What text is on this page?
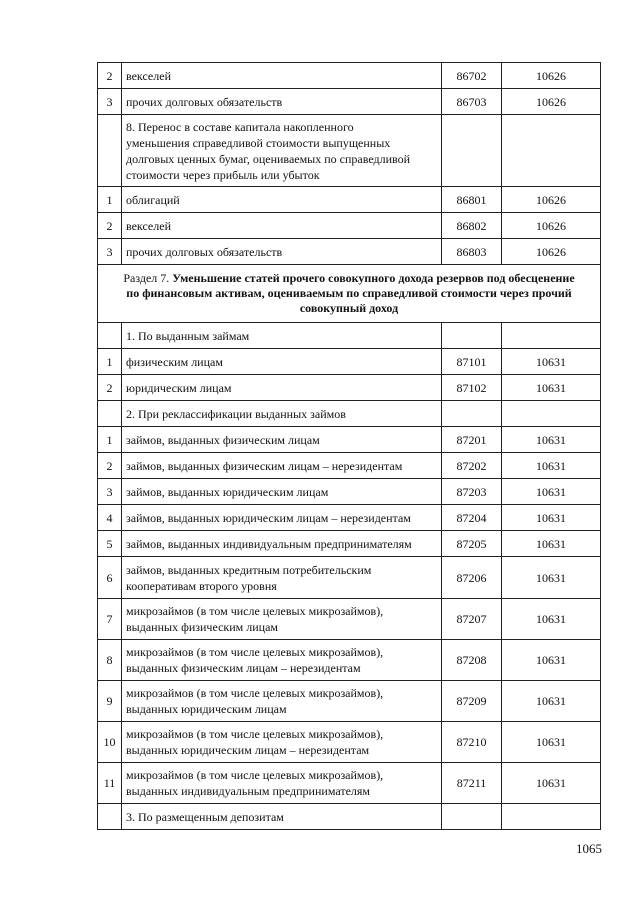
2	векселей	86702	10626
3	прочих долговых обязательств	86703	10626

	8. Перенос в составе капитала накопленного
уменьшения справедливой стоимости выпущенных
долговых ценных бумаг, оцениваемых по справедливой
стоимости через прибыль или убыток		

1	облигаций	86801	10626
2	векселей	86802	10626
3	прочих долговых обязательств	86803	10626
Раздел 7. Уменьшение статей прочего совокупного дохода резервов под обесценение
по финансовым активам, оцениваемым по справедливой стоимости через прочий
совокупный доход			
	1. По выданным займам		
1	физическим лицам	87101	10631
2	юридическим лицам	87102	10631
	2. При реклассификации выданных займов		
1	займов, выданных физическим лицам	87201	10631
2	займов, выданных физическим лицам – нерезидентам	87202	10631
3	займов, выданных юридическим лицам	87203	10631
4	займов, выданных юридическим лицам – нерезидентам	87204	10631
5	займов, выданных индивидуальным предпринимателям	87205	10631
6	займов, выданных кредитным потребительским
кооперативам второго уровня	87206	10631
7	микрозаймов (в том числе целевых микрозаймов),
выданных физическим лицам	87207	10631
8	микрозаймов (в том числе целевых микрозаймов),
выданных физическим лицам – нерезидентам	87208	10631
9	микрозаймов (в том числе целевых микрозаймов),
выданных юридическим лицам	87209	10631
10	микрозаймов (в том числе целевых микрозаймов),
выданных юридическим лицам – нерезидентам	87210	10631
11	микрозаймов (в том числе целевых микрозаймов),
выданных индивидуальным предпринимателям	87211	10631
	3. По размещенным депозитам		
1065
